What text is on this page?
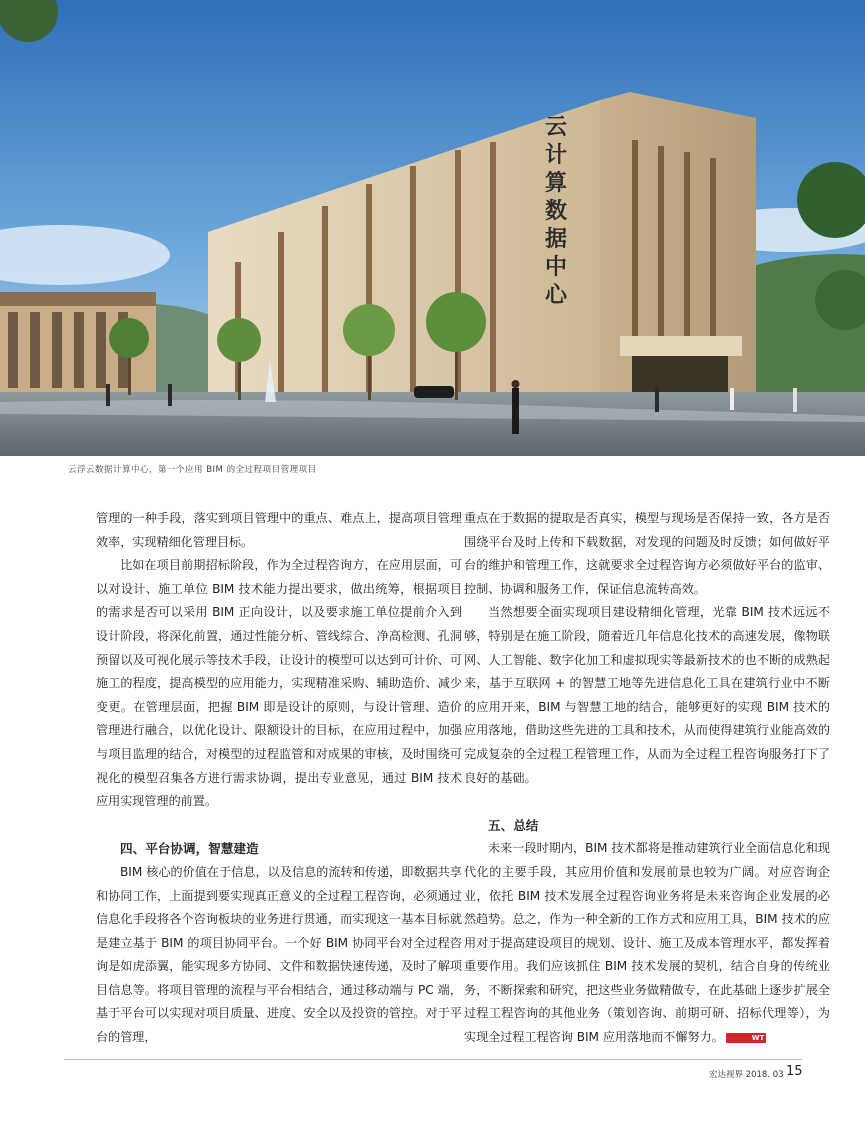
云
计
算
数
据
中
心
云浮云数据计算中心，第一个应用 BIM 的全过程项目管理项目

管理的一种手段，落实到项目管理中的重点、难点上，提高项目管理效率，实现精细化管理目标。

比如在项目前期招标阶段，作为全过程咨询方，在应用层面，可以对设计、施工单位 BIM 技术能力提出要求，做出统筹，根据项目的需求是否可以采用 BIM 正向设计，以及要求施工单位提前介入到设计阶段，将深化前置，通过性能分析、管线综合、净高检测、孔洞预留以及可视化展示等技术手段，让设计的模型可以达到可计价、可施工的程度，提高模型的应用能力，实现精准采购、辅助造价、减少变更。在管理层面，把握 BIM 即是设计的原则，与设计管理、造价管理进行融合，以优化设计、限额设计的目标，在应用过程中，加强与项目监理的结合，对模型的过程监管和对成果的审核，及时围绕可视化的模型召集各方进行需求协调，提出专业意见，通过 BIM 技术应用实现管理的前置。

四、平台协调，智慧建造

BIM 核心的价值在于信息，以及信息的流转和传递，即数据共享和协同工作，上面提到要实现真正意义的全过程工程咨询，必须通过信息化手段将各个咨询板块的业务进行贯通，而实现这一基本目标就是建立基于 BIM 的项目协同平台。一个好 BIM 协同平台对全过程咨询是如虎添翼，能实现多方协同、文件和数据快速传递，及时了解项目信息等。将项目管理的流程与平台相结合，通过移动端与 PC 端，基于平台可以实现对项目质量、进度、安全以及投资的管控。对于平台的管理，

重点在于数据的提取是否真实，模型与现场是否保持一致，各方是否围绕平台及时上传和下载数据，对发现的问题及时反馈；如何做好平台的维护和管理工作，这就要求全过程咨询方必须做好平台的监审、控制、协调和服务工作，保证信息流转高效。

当然想要全面实现项目建设精细化管理，光靠 BIM 技术远远不够，特别是在施工阶段，随着近几年信息化技术的高速发展，像物联网、人工智能、数字化加工和虚拟现实等最新技术的也不断的成熟起来，基于互联网 + 的智慧工地等先进信息化工具在建筑行业中不断的应用开来，BIM 与智慧工地的结合，能够更好的实现 BIM 技术的应用落地，借助这些先进的工具和技术，从而使得建筑行业能高效的完成复杂的全过程工程管理工作，从而为全过程工程咨询服务打下了良好的基础。

五、总结

未来一段时期内，BIM 技术都将是推动建筑行业全面信息化和现代化的主要手段，其应用价值和发展前景也较为广阔。对应咨询企业，依托 BIM 技术发展全过程咨询业务将是未来咨询企业发展的必然趋势。总之，作为一种全新的工作方式和应用工具，BIM 技术的应用对于提高建设项目的规划、设计、施工及成本管理水平，都发挥着重要作用。我们应该抓住 BIM 技术发展的契机，结合自身的传统业务，不断探索和研究，把这些业务做精做专，在此基础上逐步扩展全过程工程咨询的其他业务（策划咨询、前期可研、招标代理等），为实现全过程工程咨询 BIM 应用落地而不懈努力。	WT

宏达视界 2018. 03 15
